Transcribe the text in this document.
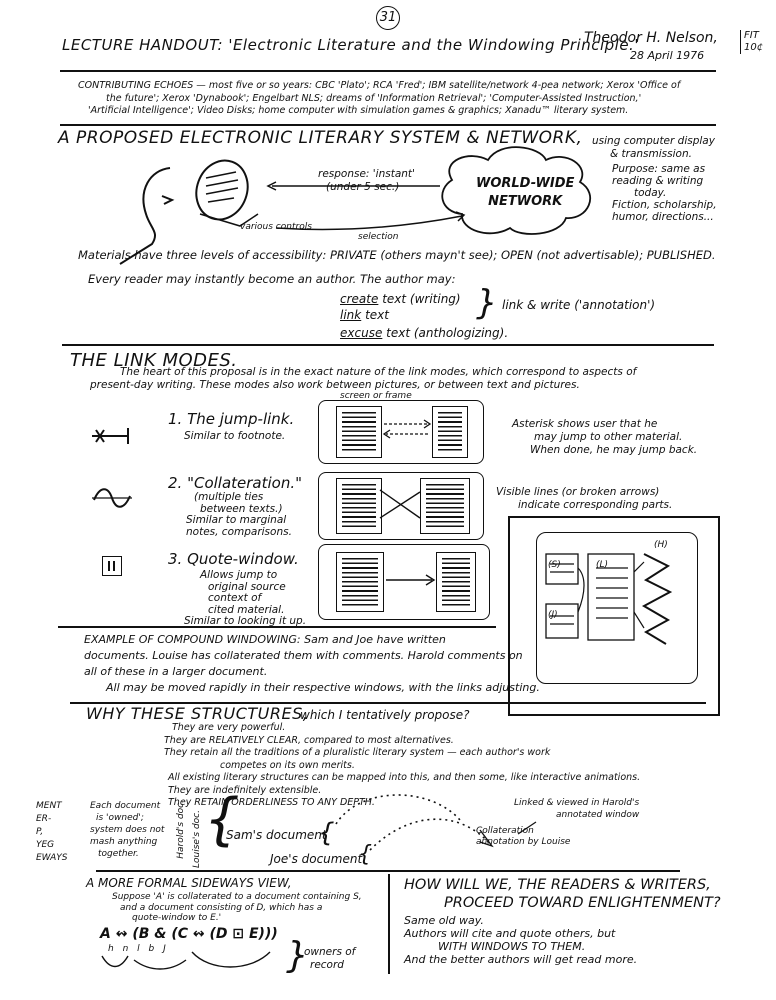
31
LECTURE HANDOUT: 'Electronic Literature and the Windowing Principle.'
Theodor H. Nelson,
28 April 1976
FIT
10¢
CONTRIBUTING ECHOES — most five or so years: CBC 'Plato'; RCA 'Fred'; IBM satellite/network 4-pea network; Xerox 'Office of
the future'; Xerox 'Dynabook'; Engelbart NLS; dreams of 'Information Retrieval'; 'Computer-Assisted Instruction,'
'Artificial Intelligence'; Video Disks; home computer with simulation games & graphics; Xanadu™ literary system.
A PROPOSED ELECTRONIC LITERARY SYSTEM & NETWORK, using computer display
& transmission.
response: 'instant'
(under 5 sec.)	WORLD-WIDE
NETWORK
various controls
selection
Purpose: same as
reading & writing
today.
Fiction, scholarship,
humor, directions...
Materials have three levels of accessibility: PRIVATE (others mayn't see); OPEN (not advertisable); PUBLISHED.
Every reader may instantly become an author. The author may:
create text (writing)
link text
excuse text (anthologizing).
} link & write ('annotation')
THE LINK MODES.
The heart of this proposal is in the exact nature of the link modes, which correspond to aspects of
present-day writing. These modes also work between pictures, or between text and pictures.
screen or frame
1. The jump-link.
Similar to footnote.
Asterisk shows user that he
may jump to other material.
When done, he may jump back.
2. "Collateration."
(multiple ties
between texts.)
Similar to marginal
notes, comparisons.
Visible lines (or broken arrows)
indicate corresponding parts.
3. Quote-window.
Allows jump to
original source
context of
cited material.
Similar to looking it up.
(S)
(J)
(L)
(H)
EXAMPLE OF COMPOUND WINDOWING: Sam and Joe have written
documents. Louise has collaterated them with comments. Harold comments on
all of these in a larger document.
All may be moved rapidly in their respective windows, with the links adjusting.
WHY THESE STRUCTURES,
which I tentatively propose?
They are very powerful.
They are RELATIVELY CLEAR, compared to most alternatives.
They retain all the traditions of a pluralistic literary system — each author's work
competes on its own merits.
All existing literary structures can be mapped into this, and then some, like interactive animations.
They are indefinitely extensible.
They RETAIN ORDERLINESS TO ANY DEPTH.
MENT
ER-
P,
YEG
EWAYS
Each document
is 'owned';
system does not
mash anything
together.	Harold's doc. Louise's doc. {
Sam's document
Joe's document
{
{
Linked & viewed in Harold's
annotated window
Collateration
annotation by Louise
A MORE FORMAL SIDEWAYS VIEW,
Suppose 'A' is collaterated to a document containing S,
and a document consisting of D, which has a
quote-window to E.'
A ↭ (B & (C ↭ (D ⊡ E)))
h n l b J	}
owners of
record
HOW WILL WE, THE READERS & WRITERS,
PROCEED TOWARD ENLIGHTENMENT?
Same old way.
Authors will cite and quote others, but
WITH WINDOWS TO THEM.
And the better authors will get read more.
